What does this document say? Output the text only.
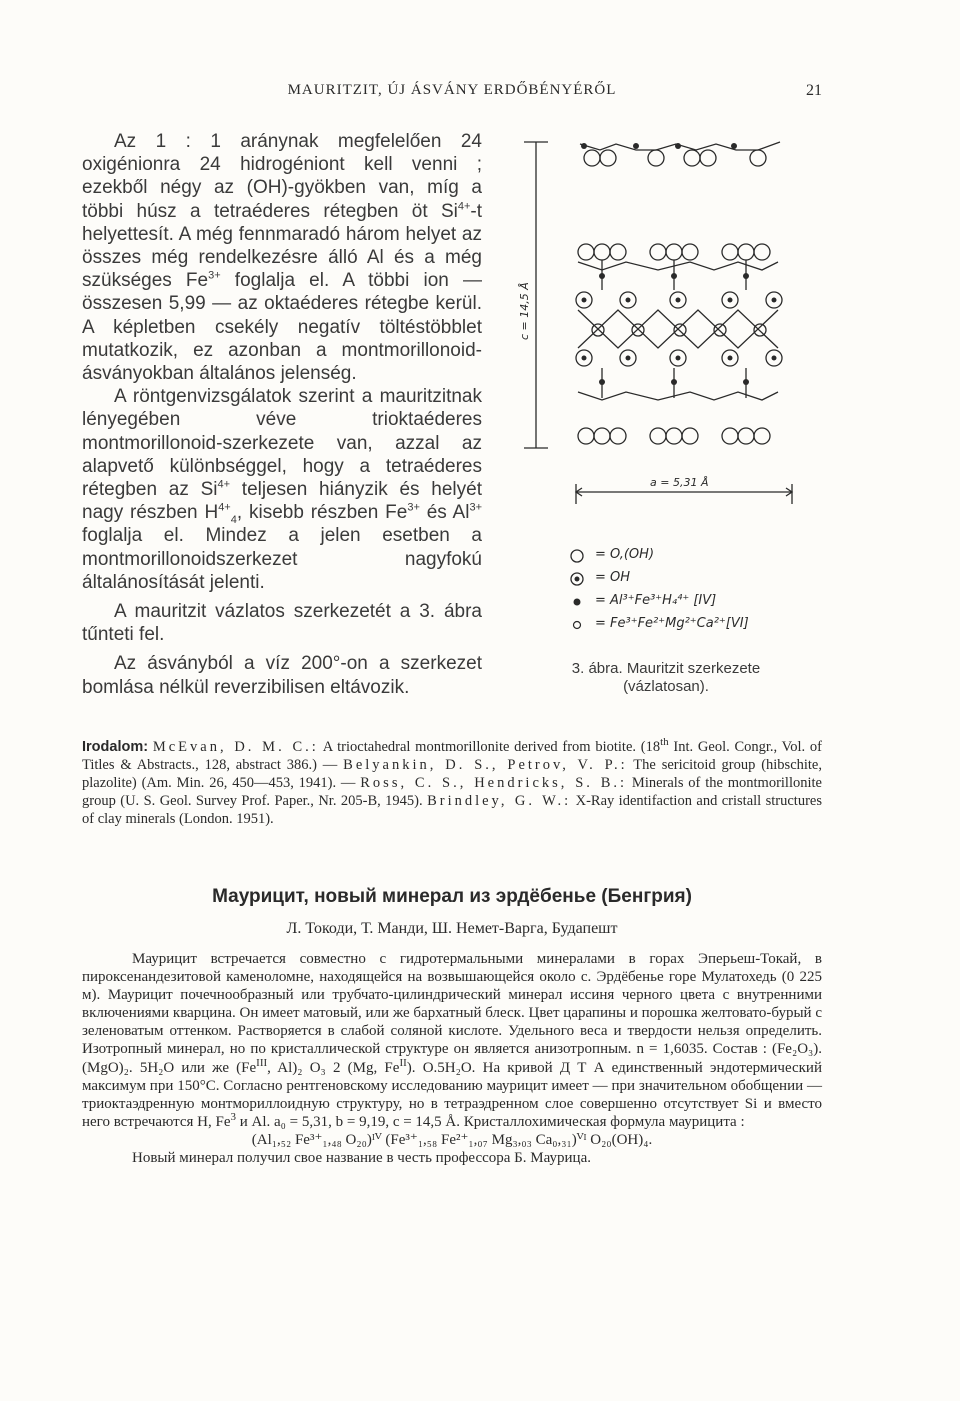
MAURITZIT, ÚJ ÁSVÁNY ERDŐBÉNYÉRŐL	21

Az 1 : 1 aránynak megfelelően 24 oxigénionra 24 hidrogéniont kell venni ; ezekből négy az (OH)-gyökben van, míg a többi húsz a tetraéderes rétegben öt $Si^{4+}-t$ helyettesít. A még fennmaradó három helyet az összes még rendelkezésre álló Al és a még szükséges $Fe^{3+}$ foglalja el. A többi ion — összesen 5,99 — az oktaéderes rétegbe kerül. A képletben csekély negatív töltéstöbblet mutatkozik, ez azonban a montmorillonoid-ásványokban általános jelenség.

A röntgenvizsgálatok szerint a mauritzitnak lényegében véve trioktaéderes montmorillonoid-szerkezete van, azzal az alapvető különbséggel, hogy a tetraéderes rétegben az $Si^{4+}$ teljesen hiányzik és helyét nagy részben $H^{4+}_4$, kisebb részben $Fe^{3+}$ és $Al^{3+}$ foglalja el. Mindez a jelen esetben a montmorillonoidszerkezet nagyfokú általánosítását jelenti.

A mauritzit vázlatos szerkezetét a 3. ábra tűnteti fel.

Az ásványból a víz 200°-on a szerkezet bomlása nélkül reverzibilisen eltávozik.

c = 14,5 Å
a = 5,31 Å
= O,(OH)
= OH
= Al³⁺Fe³⁺H₄⁴⁺ [IV]
= Fe³⁺Fe²⁺Mg²⁺Ca²⁺[VI]
3. ábra. Mauritzit szerkezete
(vázlatosan).
Irodalom: McEvan, D. M. C.: A trioctahedral montmorillonite derived from biotite. (18th Int. Geol. Congr., Vol. of Titles & Abstracts., 128, abstract 386.) — Belyankin, D. S., Petrov, V. P.: The sericitoid group (hibschite, plazolite) (Am. Min. 26, 450—453, 1941). — Ross, C. S., Hendricks, S. B.: Minerals of the montmorillonite group (U. S. Geol. Survey Prof. Paper., Nr. 205-B, 1945). Brindley, G. W.: X-Ray identifaction and cristall structures of clay minerals (London. 1951).
Маурицит, новый минерал из эрдёбенье (Бенгрия)
Л. Токоди, Т. Манди, Ш. Немет-Варга, Будапешт

Маурицит встречается совместно с гидротермальными минералами в горах Эперьеш-Токай, в пироксенандезитовой каменоломне, находящейся на возвышающейся около с. Эрдёбенье горе Мулатохедь (0 225 м). Маурицит почечнообразный или трубчато-цилиндрический минерал иссиня черного цвета с внутренними включениями кварцина. Он имеет матовый, или же бархатный блеск. Цвет царапины и порошка желтовато-бурый с зеленоватым оттенком. Растворяется в слабой соляной кислоте. Удельного веса и твердости нельзя определить. Изотропный минерал, но по кристаллической структуре он является анизотропным. n = 1,6035. Состав : (Fe₂O₃). (MgO)₂. 5H₂O или же ($Fe^{III}$, Al)₂ O₃ 2 (Mg, $Fe^{II}$). O.5H₂O. На кривой Д Т А единственный эндотермический максимум при 150°C. Согласно рентгеновскому исследованию маурицит имеет — при значительном обобщении — триоктаэдренную монтмориллоидную структуру, но в тетраэдренном слое совершенно отсутствует Si и вместо него встречаются H, Fe$^3$ и Al. a₀ = 5,31, b = 9,19, c = 14,5 Å. Кристаллохимическая формула маурицита :

(Al₁,₅₂ Fe³⁺₁,₄₈ O₂₀)ᴵⱽ (Fe³⁺₁,₅₈ Fe²⁺₁,₀₇ Mg₃,₀₃ Ca₀,₃₁)ⱽᴵ O₂₀(OH)₄.

Новый минерал получил свое название в честь профессора Б. Маурица.
